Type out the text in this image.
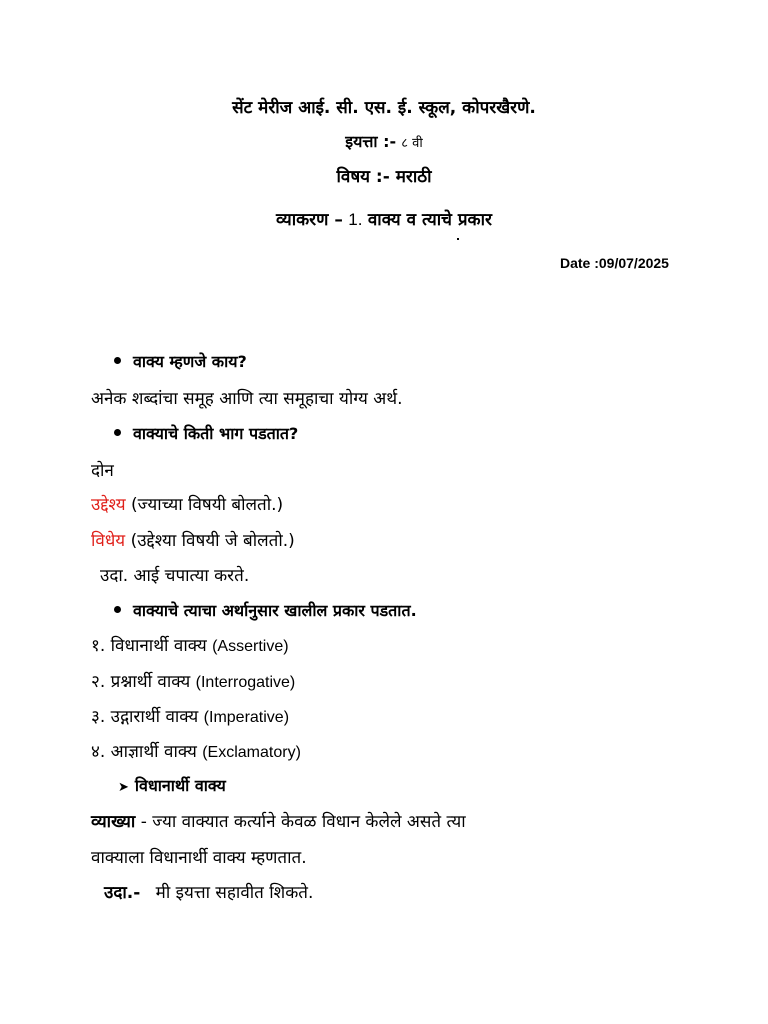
सेंट मेरीज आई. सी. एस. ई. स्कूल, कोपरखैरणे.
इयत्ता :- ८ वी
विषय :- मराठी
व्याकरण – 1. वाक्य व त्याचे प्रकार
Date :09/07/2025
वाक्य म्हणजे काय?
अनेक शब्दांचा समूह आणि त्या समूहाचा योग्य अर्थ.
वाक्याचे किती भाग पडतात?
दोन
उद्देश्य (ज्याच्या विषयी बोलतो.)
विधेय (उद्देश्या विषयी जे बोलतो.)
उदा. आई चपात्या करते.
वाक्याचे त्याचा अर्थानुसार खालील प्रकार पडतात.
१. विधानार्थी वाक्य (Assertive)
२. प्रश्नार्थी वाक्य (Interrogative)
३. उद्गारार्थी वाक्य (Imperative)
४. आज्ञार्थी वाक्य (Exclamatory)
➤ विधानार्थी वाक्य
व्याख्या - ज्या वाक्यात कर्त्याने केवळ विधान केलेले असते त्या
वाक्याला विधानार्थी वाक्य म्हणतात.
उदा.- मी इयत्ता सहावीत शिकते.
